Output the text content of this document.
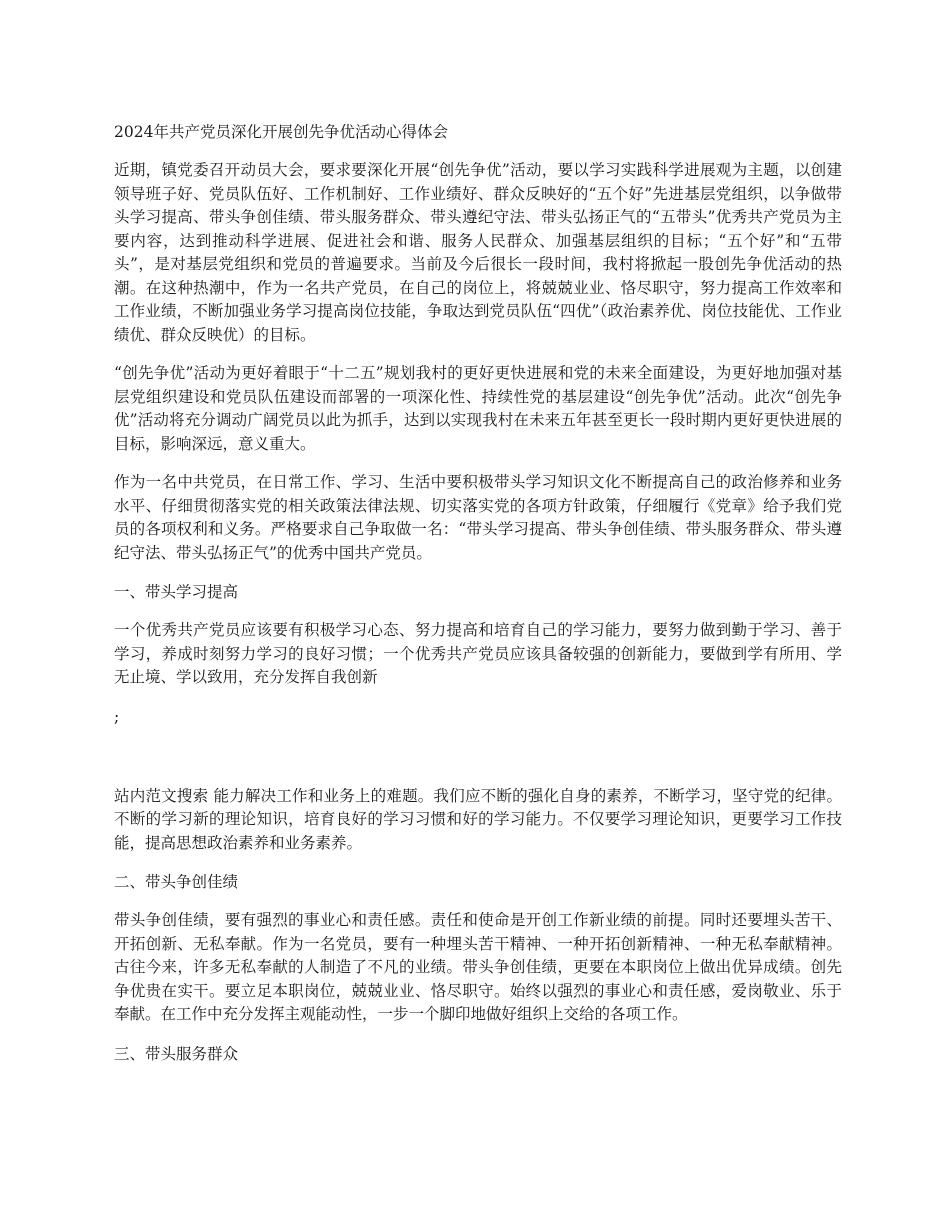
2024年共产党员深化开展创先争优活动心得体会

近期，镇党委召开动员大会，要求要深化开展“创先争优”活动，要以学习实践科学进展观为主题，以创建领导班子好、党员队伍好、工作机制好、工作业绩好、群众反映好的“五个好”先进基层党组织，以争做带头学习提高、带头争创佳绩、带头服务群众、带头遵纪守法、带头弘扬正气的“五带头”优秀共产党员为主要内容，达到推动科学进展、促进社会和谐、服务人民群众、加强基层组织的目标；“五个好”和“五带头”，是对基层党组织和党员的普遍要求。当前及今后很长一段时间，我村将掀起一股创先争优活动的热潮。在这种热潮中，作为一名共产党员，在自己的岗位上，将兢兢业业、恪尽职守，努力提高工作效率和工作业绩，不断加强业务学习提高岗位技能，争取达到党员队伍“四优”（政治素养优、岗位技能优、工作业绩优、群众反映优）的目标。

“创先争优”活动为更好着眼于“十二五”规划我村的更好更快进展和党的未来全面建设，为更好地加强对基层党组织建设和党员队伍建设而部署的一项深化性、持续性党的基层建设“创先争优”活动。此次“创先争优”活动将充分调动广阔党员以此为抓手，达到以实现我村在未来五年甚至更长一段时期内更好更快进展的目标，影响深远，意义重大。

作为一名中共党员，在日常工作、学习、生活中要积极带头学习知识文化不断提高自己的政治修养和业务水平、仔细贯彻落实党的相关政策法律法规、切实落实党的各项方针政策，仔细履行《党章》给予我们党员的各项权利和义务。严格要求自己争取做一名：“带头学习提高、带头争创佳绩、带头服务群众、带头遵纪守法、带头弘扬正气”的优秀中国共产党员。

一、带头学习提高

一个优秀共产党员应该要有积极学习心态、努力提高和培育自己的学习能力，要努力做到勤于学习、善于学习，养成时刻努力学习的良好习惯；一个优秀共产党员应该具备较强的创新能力，要做到学有所用、学无止境、学以致用，充分发挥自我创新

;

站内范文搜索 能力解决工作和业务上的难题。我们应不断的强化自身的素养，不断学习，坚守党的纪律。不断的学习新的理论知识，培育良好的学习习惯和好的学习能力。不仅要学习理论知识，更要学习工作技能，提高思想政治素养和业务素养。

二、带头争创佳绩

带头争创佳绩，要有强烈的事业心和责任感。责任和使命是开创工作新业绩的前提。同时还要埋头苦干、开拓创新、无私奉献。作为一名党员，要有一种埋头苦干精神、一种开拓创新精神、一种无私奉献精神。古往今来，许多无私奉献的人制造了不凡的业绩。带头争创佳绩，更要在本职岗位上做出优异成绩。创先争优贵在实干。要立足本职岗位，兢兢业业、恪尽职守。始终以强烈的事业心和责任感，爱岗敬业、乐于奉献。在工作中充分发挥主观能动性，一步一个脚印地做好组织上交给的各项工作。

三、带头服务群众
